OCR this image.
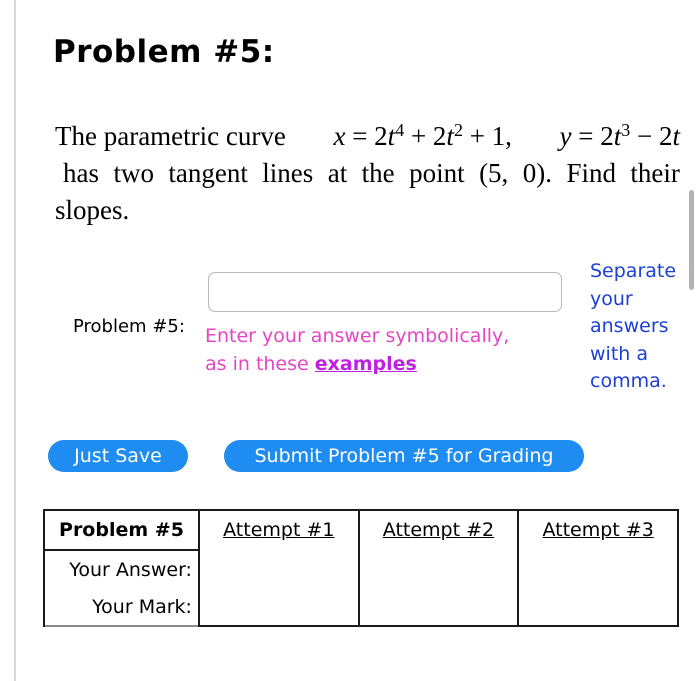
Problem #5:
The parametric curve $x = 2t^4 + 2t^2 + 1$, $y = 2t^3 - 2t$
has two tangent lines at the point (5, 0). Find their
slopes.
Problem #5: Enter your answer symbolically,
as in these examples
Separate
your
answers
with a
comma.
Just Save	Submit Problem #5 for Grading
Problem #5	Attempt #1	Attempt #2	Attempt #3

Your Answer:
Your Mark:
